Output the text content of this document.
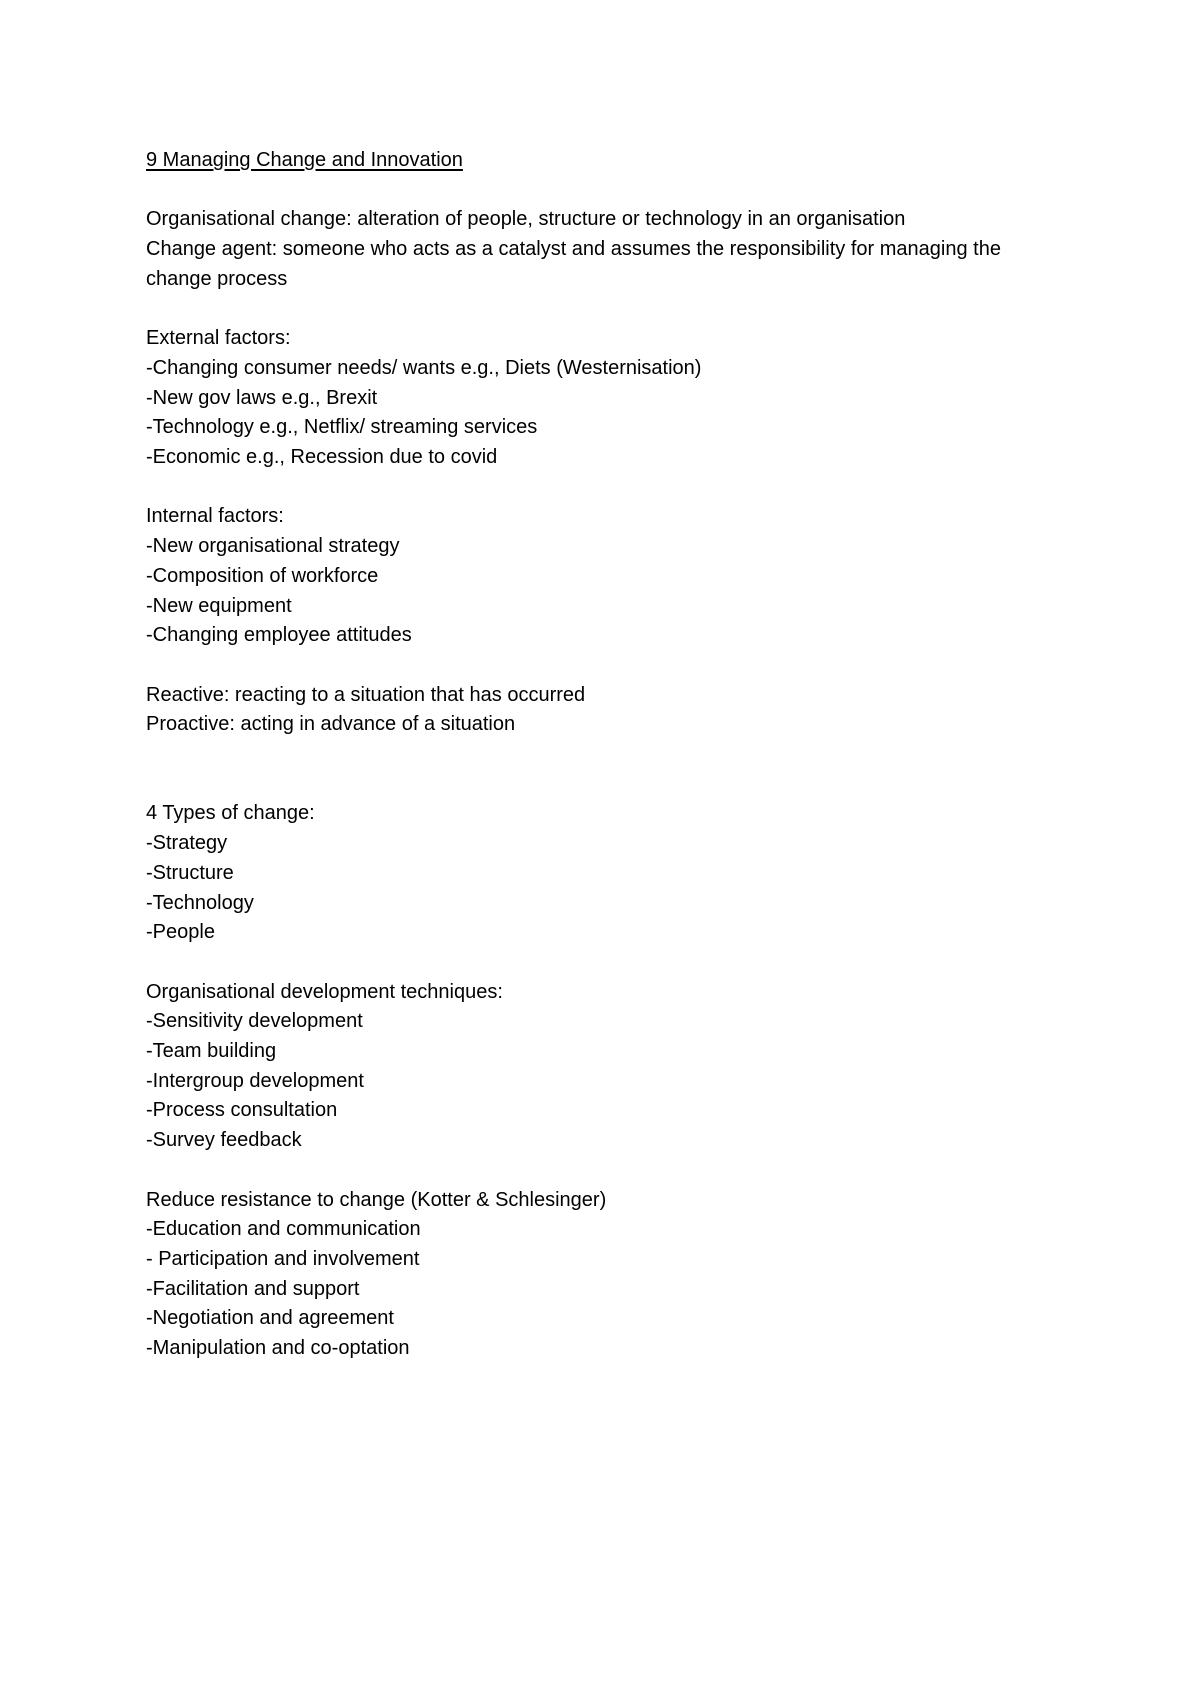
9 Managing Change and Innovation
Organisational change: alteration of people, structure or technology in an organisation
Change agent: someone who acts as a catalyst and assumes the responsibility for managing the change process
External factors:
-Changing consumer needs/ wants e.g., Diets (Westernisation)
-New gov laws e.g., Brexit
-Technology e.g., Netflix/ streaming services
-Economic e.g., Recession due to covid
Internal factors:
-New organisational strategy
-Composition of workforce
-New equipment
-Changing employee attitudes
Reactive: reacting to a situation that has occurred
Proactive: acting in advance of a situation
4 Types of change:
-Strategy
-Structure
-Technology
-People
Organisational development techniques:
-Sensitivity development
-Team building
-Intergroup development
-Process consultation
-Survey feedback
Reduce resistance to change (Kotter & Schlesinger)
-Education and communication
- Participation and involvement
-Facilitation and support
-Negotiation and agreement
-Manipulation and co-optation
